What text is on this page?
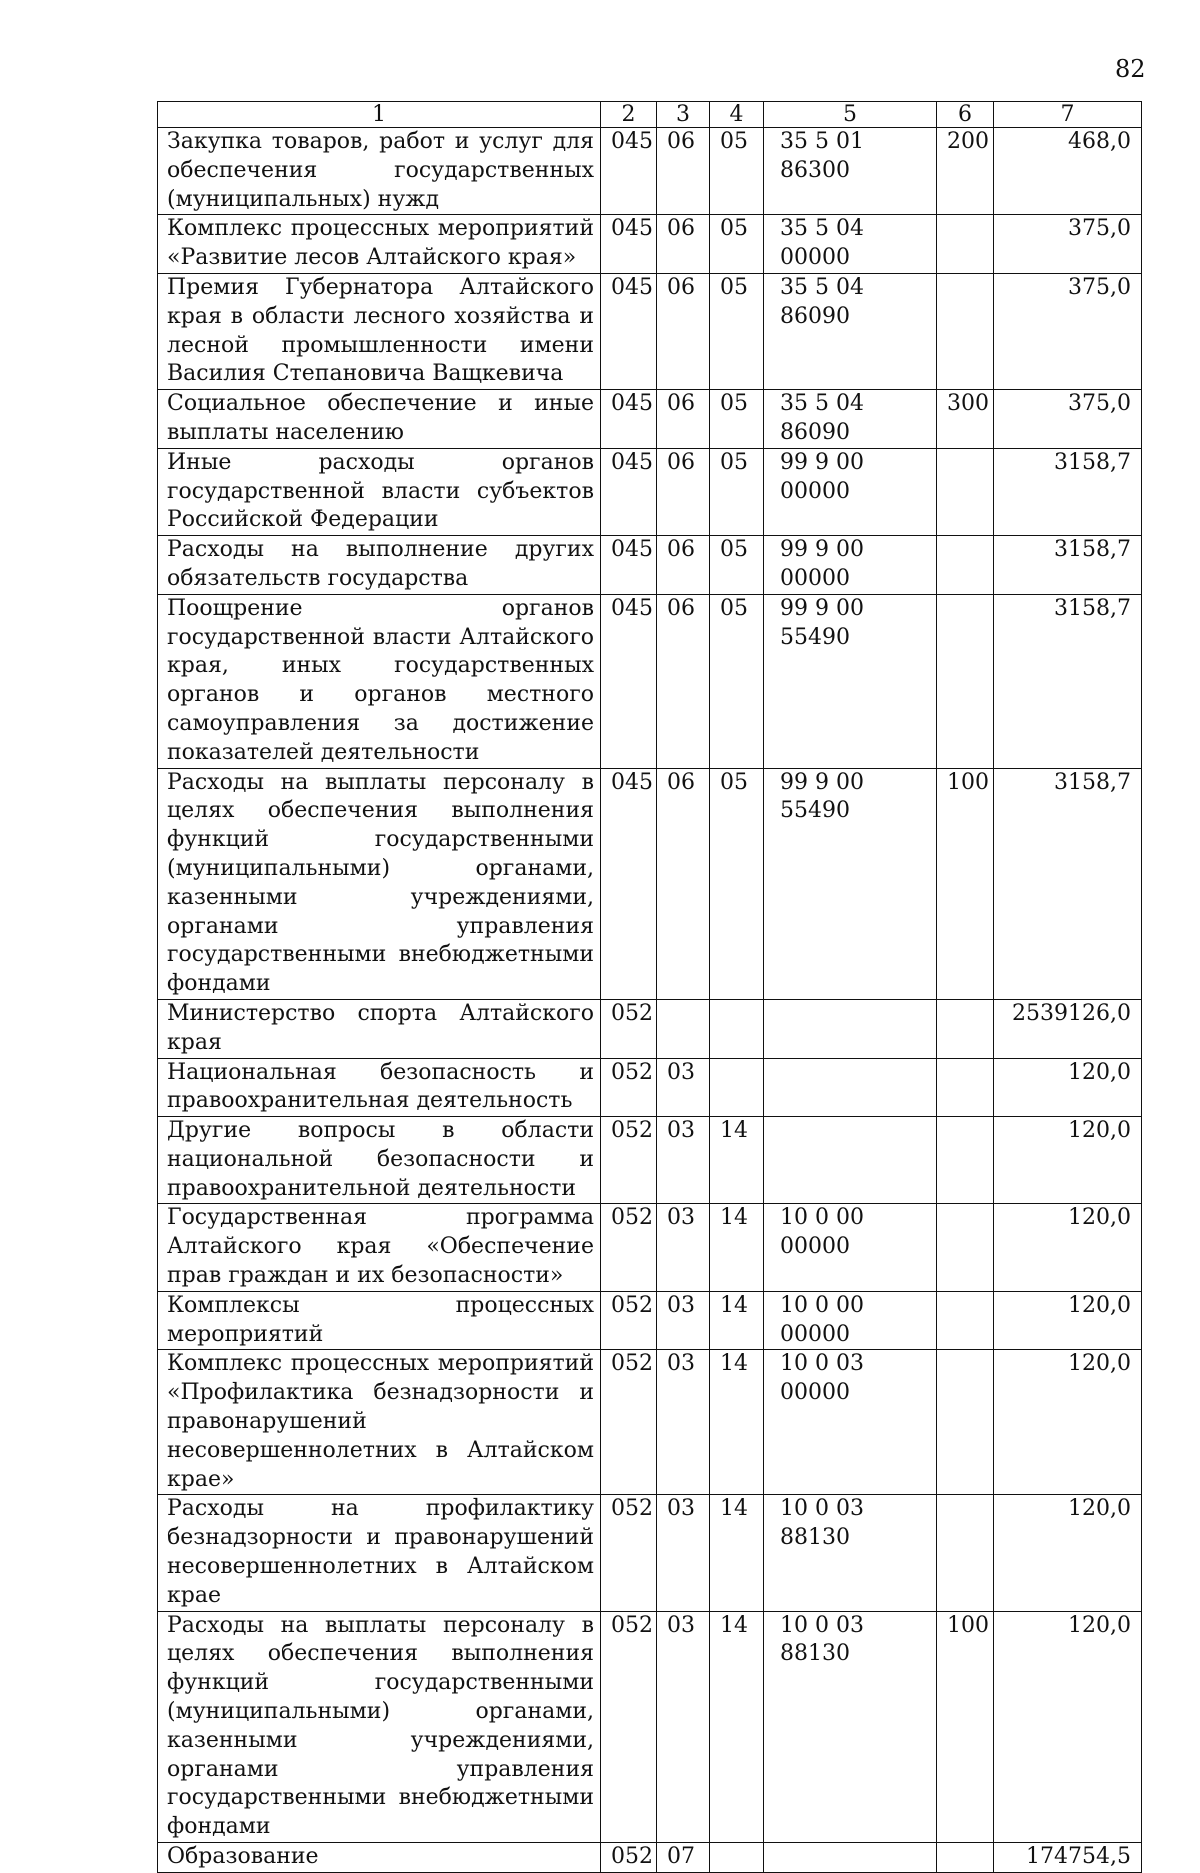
82
1	2	3	4	5	6	7
Закупка товаров, работ и услуг для обеспечения государственных (муниципальных) нужд	045	06	05	35 5 01 86300	200	468,0
Комплекс процессных мероприятий «Развитие лесов Алтайского края»	045	06	05	35 5 04 00000		375,0
Премия Губернатора Алтайского края в области лесного хозяйства и лесной промышленности имени Василия Степановича Ващкевича	045	06	05	35 5 04 86090		375,0
Социальное обеспечение и иные выплаты населению	045	06	05	35 5 04 86090	300	375,0
Иные расходы органов государственной власти субъектов Российской Федерации	045	06	05	99 9 00 00000		3158,7
Расходы на выполнение других обязательств государства	045	06	05	99 9 00 00000		3158,7
Поощрение органов государственной власти Алтайского края, иных государственных органов и органов местного самоуправления за достижение показателей деятельности	045	06	05	99 9 00 55490		3158,7
Расходы на выплаты персоналу в целях обеспечения выполнения функций государственными (муниципальными) органами, казенными учреждениями, органами управления государственными внебюджетными фондами	045	06	05	99 9 00 55490	100	3158,7
Министерство спорта Алтайского края	052					2539126,0
Национальная безопасность и правоохранительная деятельность	052	03				120,0
Другие вопросы в области национальной безопасности и правоохранительной деятельности	052	03	14			120,0
Государственная программа Алтайского края «Обеспечение прав граждан и их безопасности»	052	03	14	10 0 00 00000		120,0
Комплексы процессных мероприятий	052	03	14	10 0 00 00000		120,0
Комплекс процессных мероприятий «Профилактика безнадзорности и правонарушений несовершеннолетних в Алтайском крае»	052	03	14	10 0 03 00000		120,0
Расходы на профилактику безнадзорности и правонарушений несовершеннолетних в Алтайском крае	052	03	14	10 0 03 88130		120,0
Расходы на выплаты персоналу в целях обеспечения выполнения функций государственными (муниципальными) органами, казенными учреждениями, органами управления государственными внебюджетными фондами	052	03	14	10 0 03 88130	100	120,0
Образование	052	07				174754,5
